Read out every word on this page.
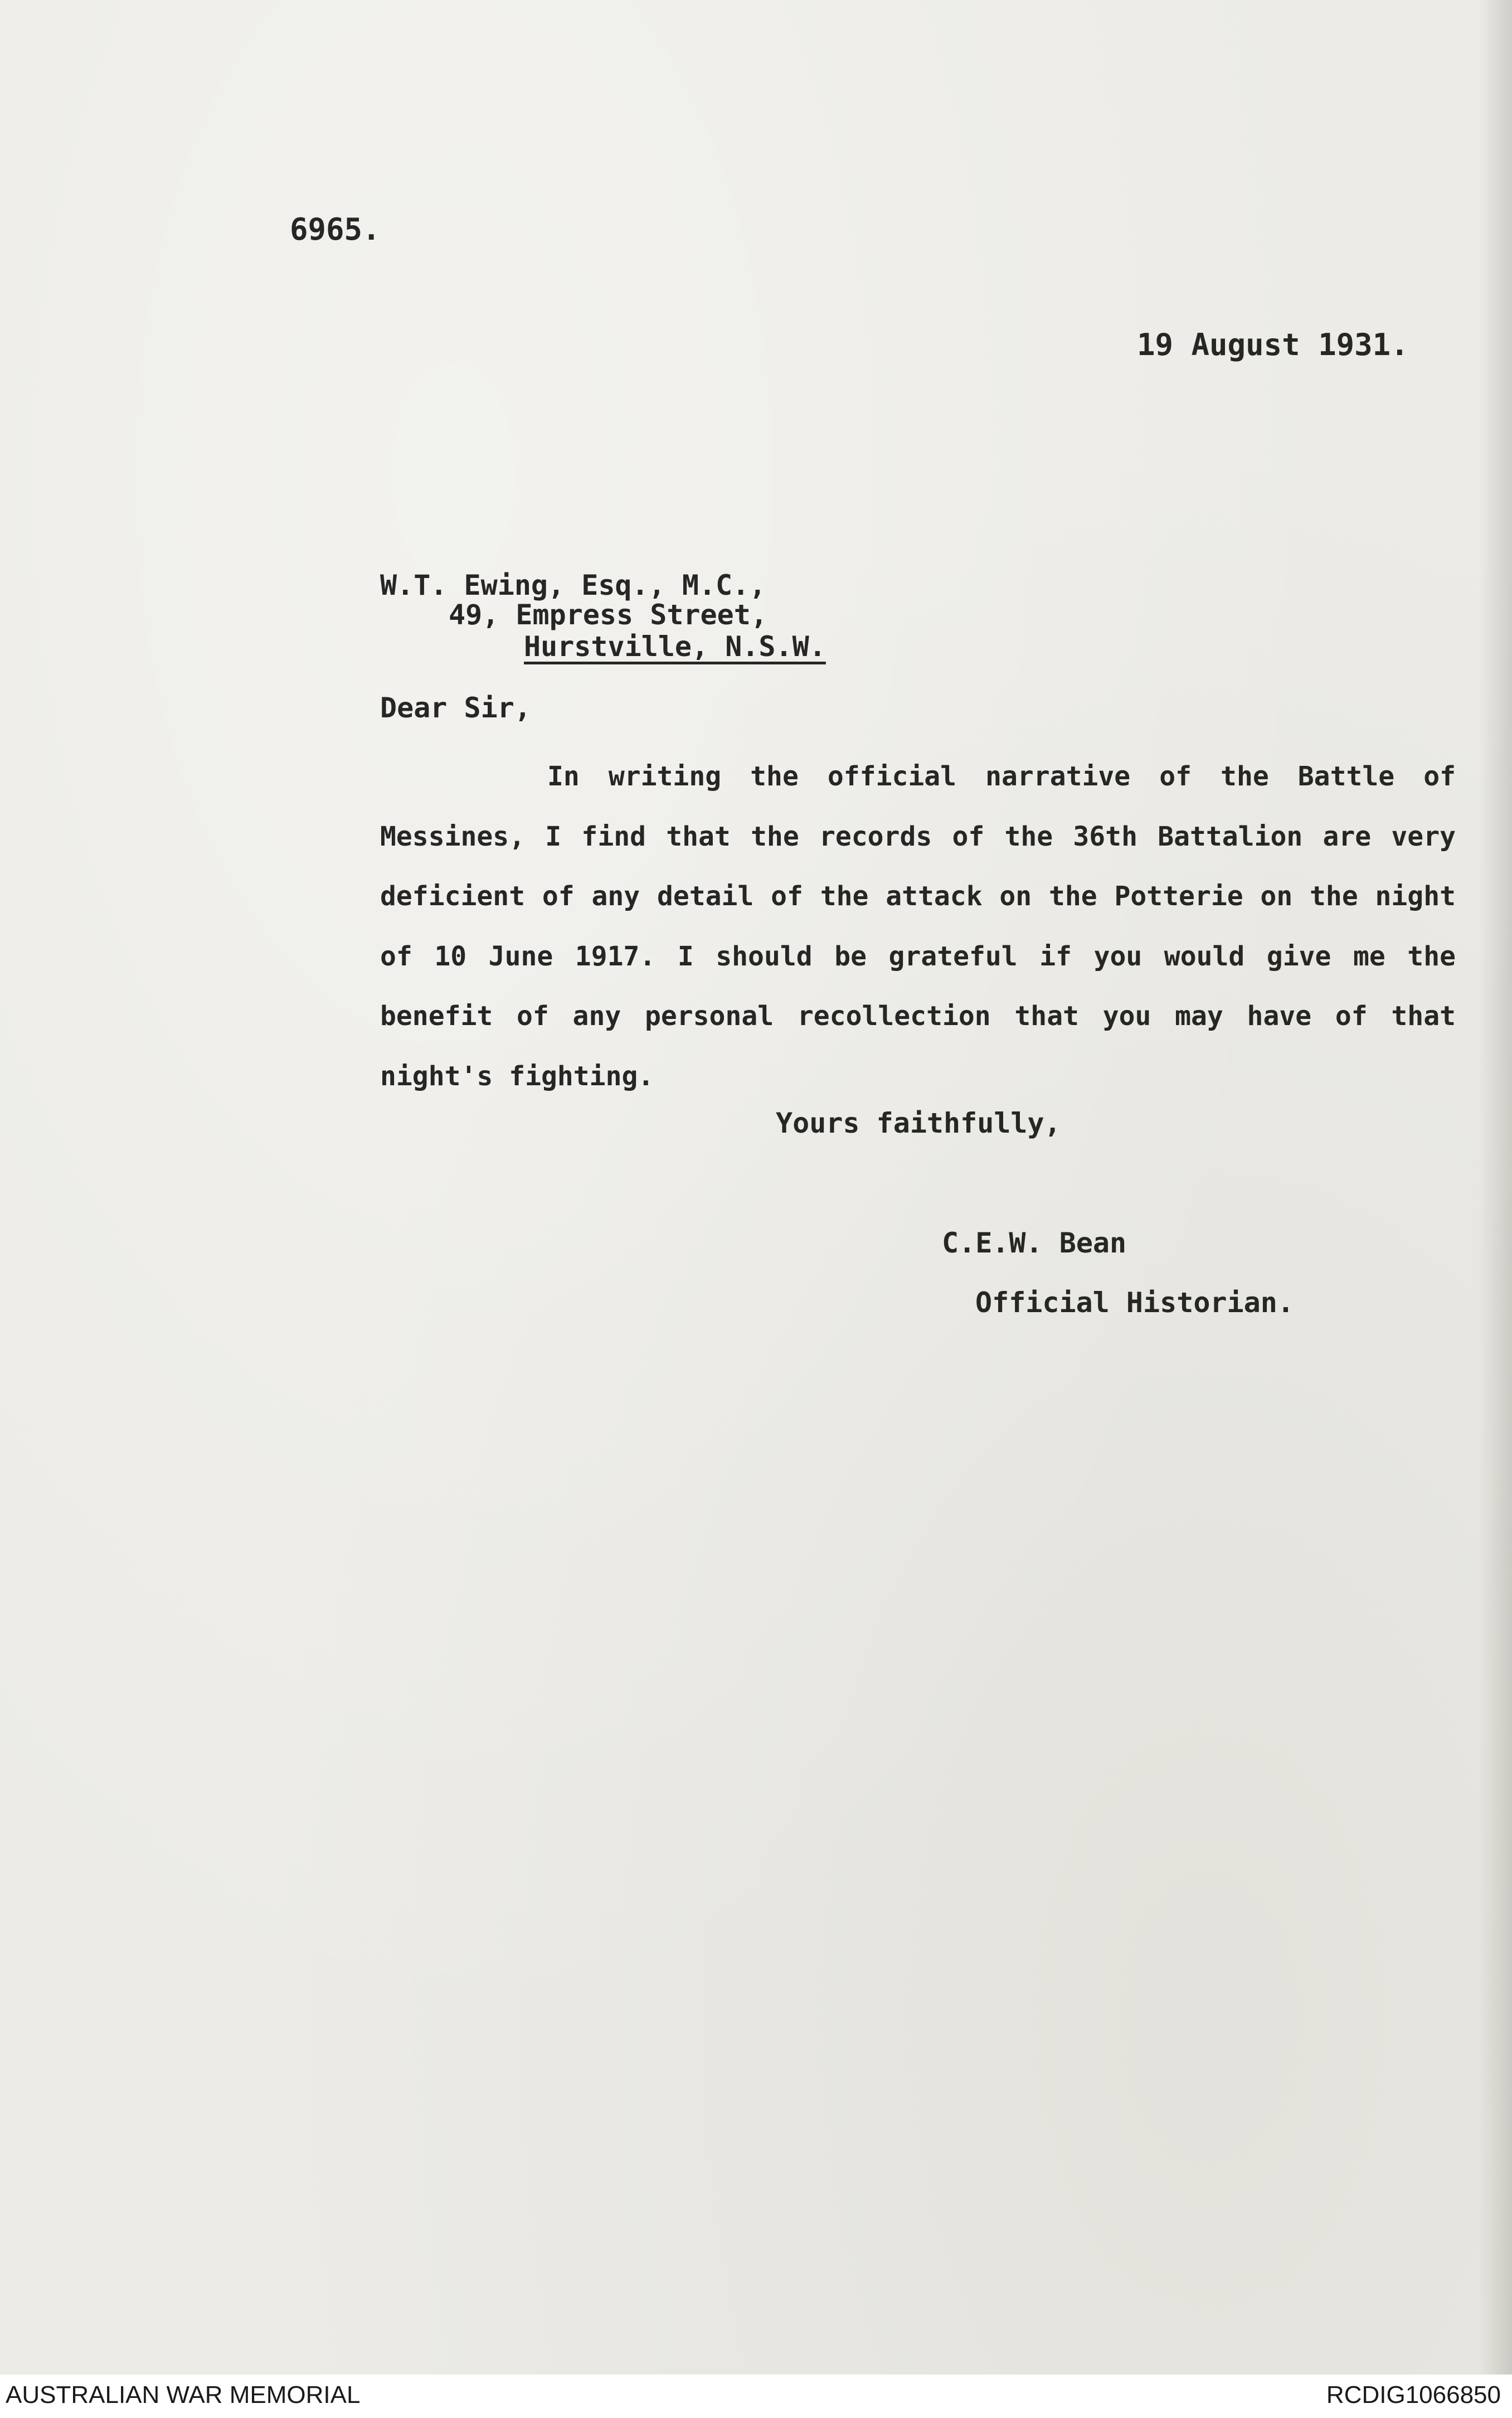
6965.

19 August 1931.

W.T. Ewing, Esq., M.C.,

49, Empress Street,

Hurstville, N.S.W.

Dear Sir,

In writing the official narrative of the Battle of Messines, I find that the records of the 36th Battalion are very deficient of any detail of the attack on the Potterie on the night of 10 June 1917. I should be grateful if you would give me the benefit of any personal recollection that you may have of that night's fighting.

Yours faithfully,

C.E.W. Bean

Official Historian.

AUSTRALIAN WAR MEMORIAL	RCDIG1066850
